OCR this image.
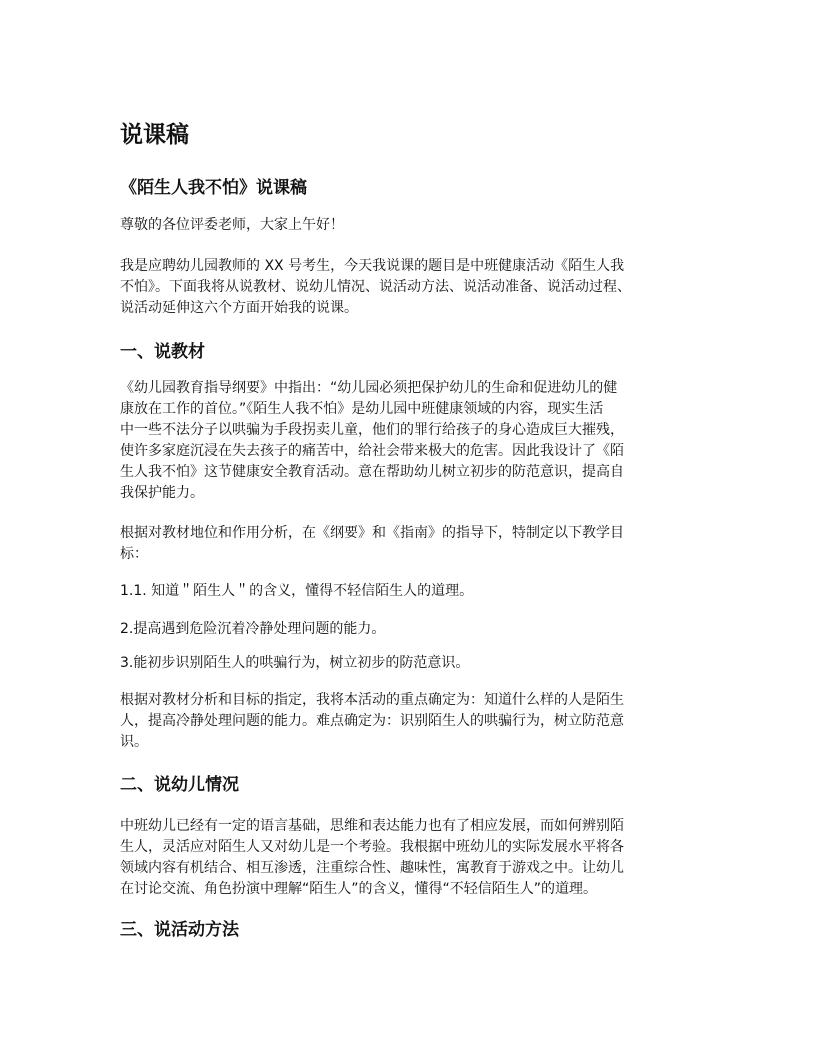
说课稿
《陌生人我不怕》说课稿

尊敬的各位评委老师，大家上午好！

我是应聘幼儿园教师的 XX 号考生，今天我说课的题目是中班健康活动《陌生人我
不怕》。下面我将从说教材、说幼儿情况、说活动方法、说活动准备、说活动过程、
说活动延伸这六个方面开始我的说课。

一、说教材

《幼儿园教育指导纲要》中指出：“幼儿园必须把保护幼儿的生命和促进幼儿的健
康放在工作的首位。”《陌生人我不怕》是幼儿园中班健康领域的内容，现实生活
中一些不法分子以哄骗为手段拐卖儿童，他们的罪行给孩子的身心造成巨大摧残，
使许多家庭沉浸在失去孩子的痛苦中，给社会带来极大的危害。因此我设计了《陌
生人我不怕》这节健康安全教育活动。意在帮助幼儿树立初步的防范意识，提高自
我保护能力。

根据对教材地位和作用分析，在《纲要》和《指南》的指导下，特制定以下教学目
标：

1.1. 知道＂陌生人＂的含义，懂得不轻信陌生人的道理。

2.提高遇到危险沉着冷静处理问题的能力。

3.能初步识别陌生人的哄骗行为，树立初步的防范意识。

根据对教材分析和目标的指定，我将本活动的重点确定为：知道什么样的人是陌生
人，提高冷静处理问题的能力。难点确定为：识别陌生人的哄骗行为，树立防范意
识。

二、说幼儿情况

中班幼儿已经有一定的语言基础，思维和表达能力也有了相应发展，而如何辨别陌
生人，灵活应对陌生人又对幼儿是一个考验。我根据中班幼儿的实际发展水平将各
领域内容有机结合、相互渗透，注重综合性、趣味性，寓教育于游戏之中。让幼儿
在讨论交流、角色扮演中理解“陌生人”的含义，懂得“不轻信陌生人”的道理。

三、说活动方法
